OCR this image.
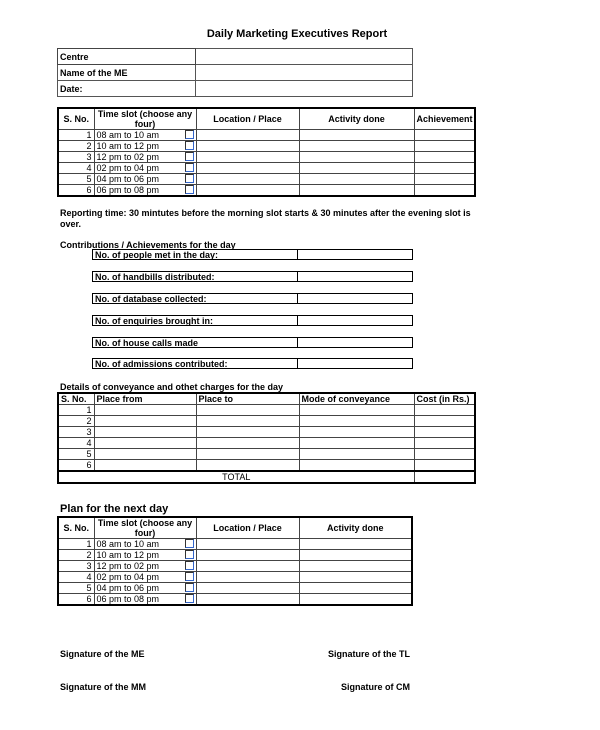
Daily Marketing Executives Report
Centre	
Name of the ME	
Date:	
S. No.	Time slot (choose any four)	Location / Place	Activity done	Achievement
1	08 am to 10 am

2	10 am to 12 pm

3	12 pm to 02 pm

4	02 pm to 04 pm

5	04 pm to 06 pm

6	06 pm to 08 pm

Reporting time: 30 mintutes before the morning slot starts & 30 minutes after the evening slot is over.
Contributions / Achievements for the day
No. of people met in the day:
No. of handbills distributed:
No. of database collected:
No. of enquiries brought in:
No. of house calls made
No. of admissions contributed:
Details of conveyance and othet charges for the day
S. No.	Place from	Place to	Mode of conveyance	Cost (in Rs.)
1				
2				
3				
4				
5				
6				
TOTAL				
Plan for the next day
S. No.	Time slot (choose any four)	Location / Place	Activity done
1	08 am to 10 am

2	10 am to 12 pm

3	12 pm to 02 pm

4	02 pm to 04 pm

5	04 pm to 06 pm

6	06 pm to 08 pm

Signature of the ME	Signature of the TL
Signature of the MM	Signature of CM
